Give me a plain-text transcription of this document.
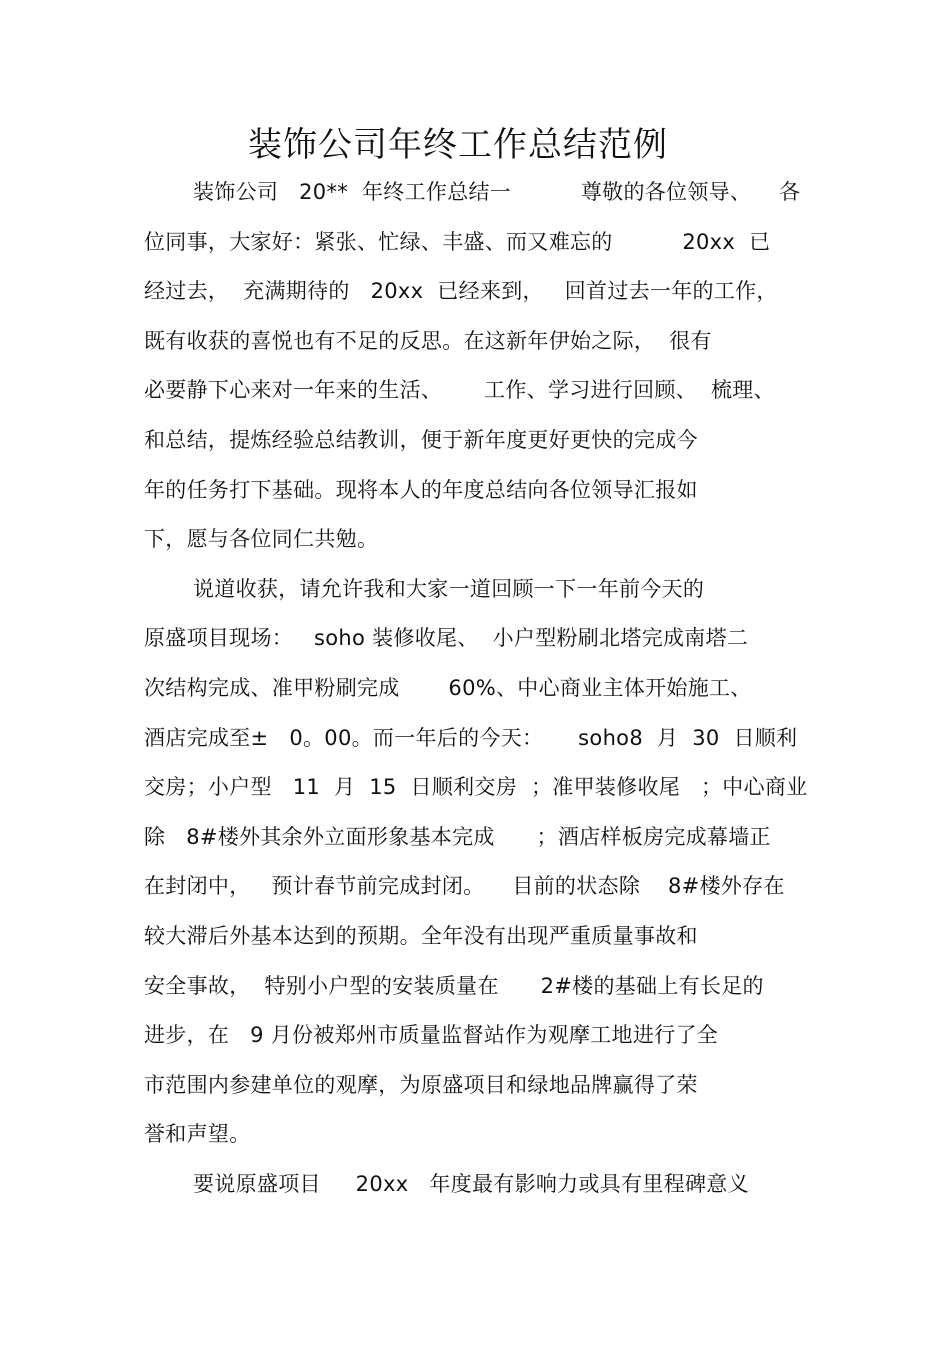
装饰公司年终工作总结范例
装饰公司   20**  年终工作总结一          尊敬的各位领导、    各
位同事，大家好：紧张、忙绿、丰盛、而又难忘的          20xx  已
经过去，  充满期待的   20xx  已经来到，   回首过去一年的工作，
既有收获的喜悦也有不足的反思。在这新年伊始之际，  很有
必要静下心来对一年来的生活、      工作、学习进行回顾、  梳理、
和总结，提炼经验总结教训，便于新年度更好更快的完成今
年的任务打下基础。现将本人的年度总结向各位领导汇报如
下，愿与各位同仁共勉。
说道收获，请允许我和大家一道回顾一下一年前今天的
原盛项目现场：   soho 装修收尾、  小户型粉刷北塔完成南塔二
次结构完成、准甲粉刷完成       60%、中心商业主体开始施工、
酒店完成至±   0。00。而一年后的今天：     soho8  月  30  日顺利
交房；小户型   11  月  15  日顺利交房  ；准甲装修收尾   ；中心商业
除   8#楼外其余外立面形象基本完成      ；酒店样板房完成幕墙正
在封闭中，   预计春节前完成封闭。    目前的状态除    8#楼外存在
较大滞后外基本达到的预期。全年没有出现严重质量事故和
安全事故，  特别小户型的安装质量在      2#楼的基础上有长足的
进步，在   9 月份被郑州市质量监督站作为观摩工地进行了全
市范围内参建单位的观摩，为原盛项目和绿地品牌赢得了荣
誉和声望。
要说原盛项目     20xx   年度最有影响力或具有里程碑意义
